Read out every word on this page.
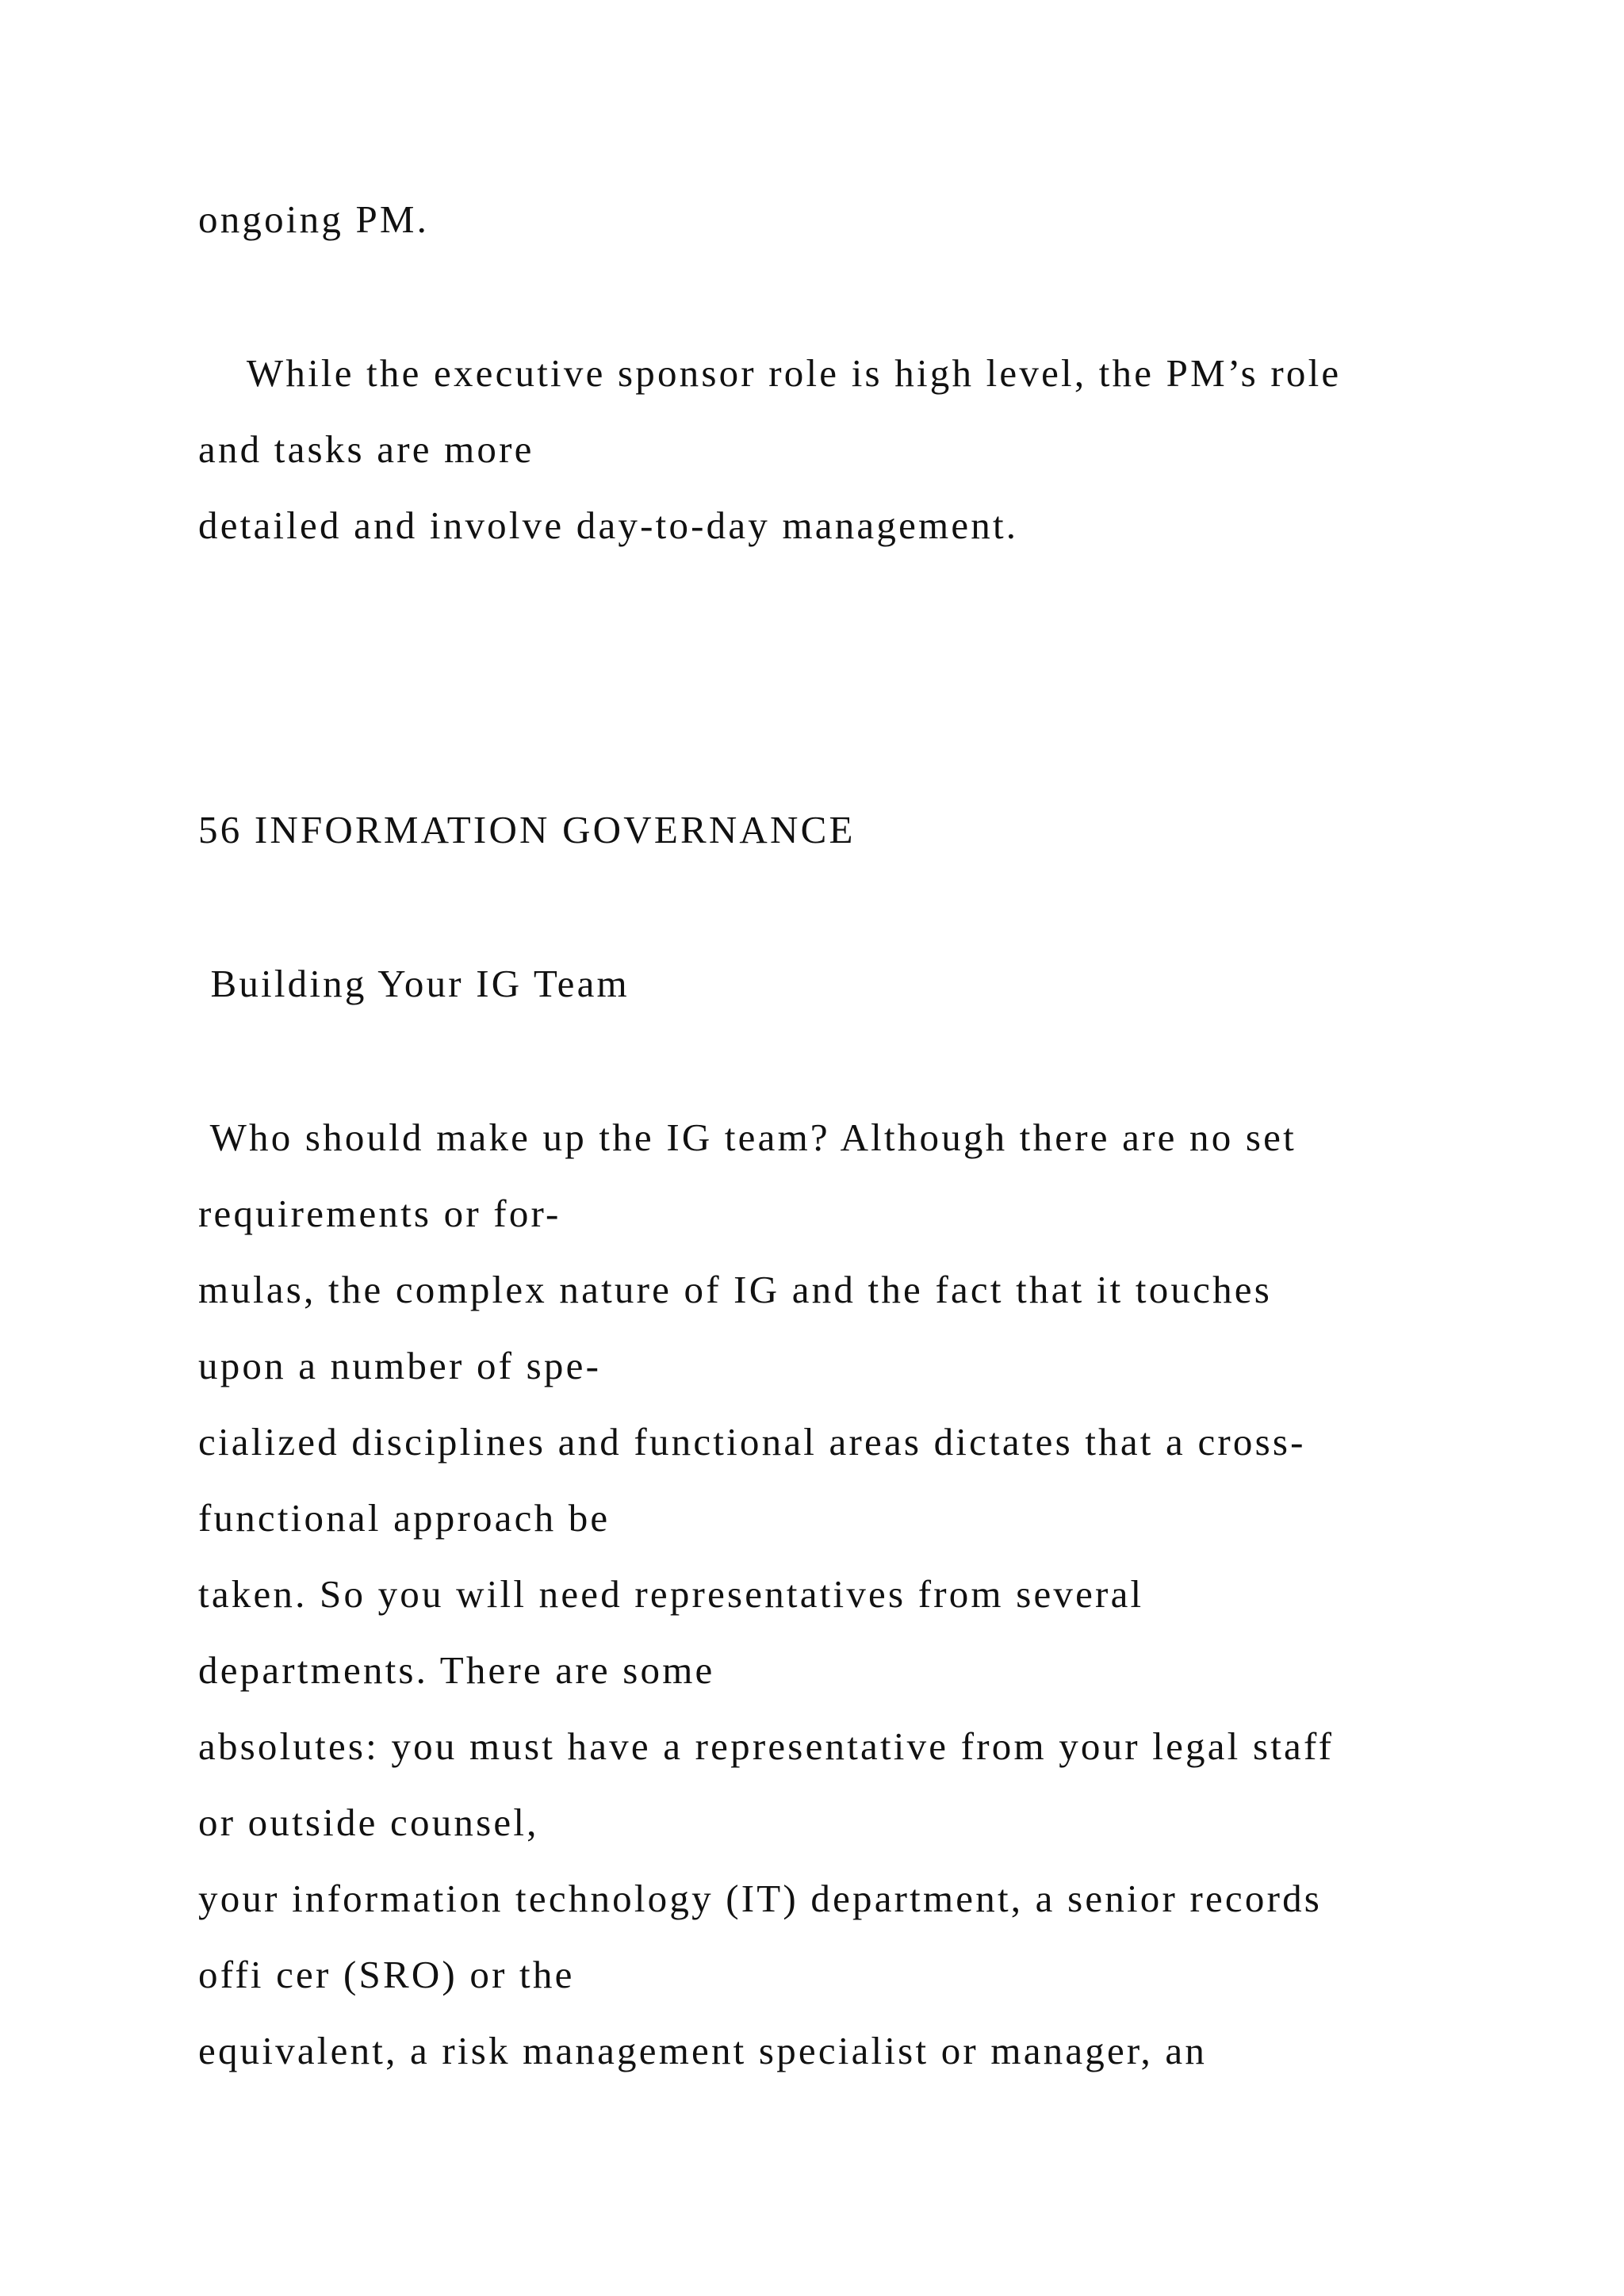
ongoing PM.

While the executive sponsor role is high level, the PM’s role

and tasks are more

detailed and involve day-to-day management.

56 INFORMATION GOVERNANCE

Building Your IG Team

Who should make up the IG team? Although there are no set

requirements or for-

mulas, the complex nature of IG and the fact that it touches

upon a number of spe-

cialized disciplines and functional areas dictates that a cross-

functional approach be

taken. So you will need representatives from several

departments. There are some

absolutes: you must have a representative from your legal staff

or outside counsel,

your information technology (IT) department, a senior records

offi cer (SRO) or the

equivalent, a risk management specialist or manager, an
